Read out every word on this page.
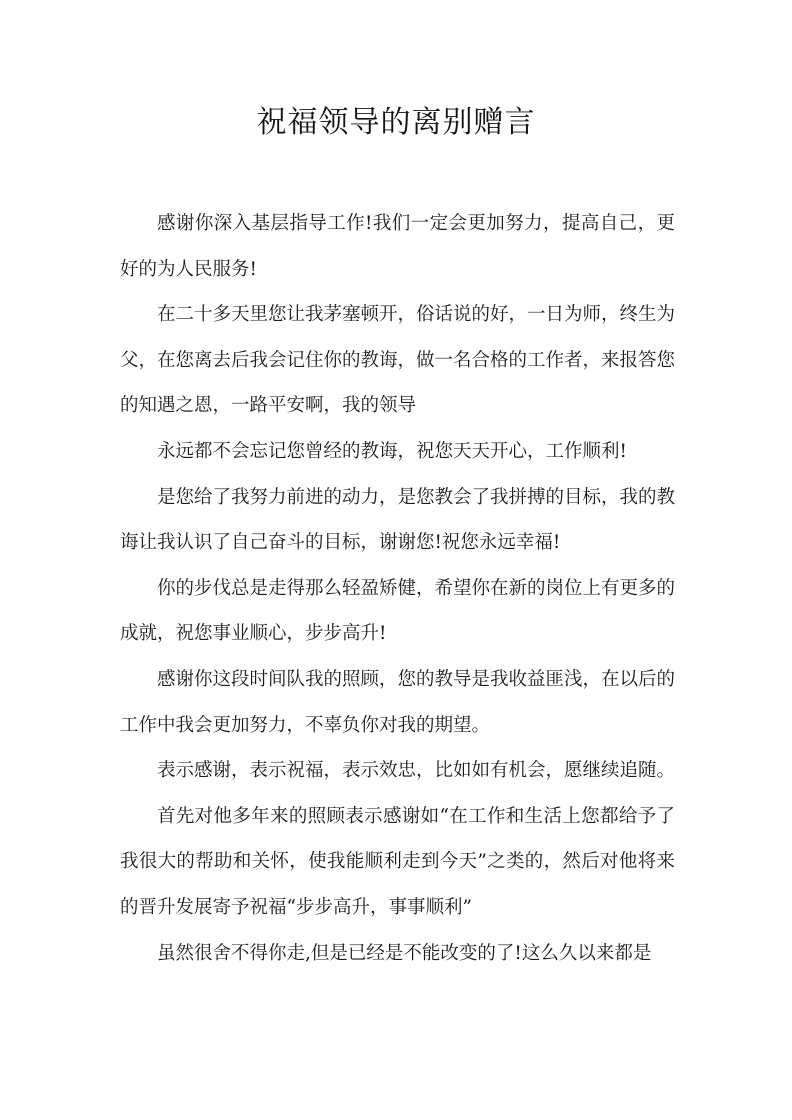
祝福领导的离别赠言

感谢你深入基层指导工作!我们一定会更加努力，提高自己，更好的为人民服务!

在二十多天里您让我茅塞顿开，俗话说的好，一日为师，终生为父，在您离去后我会记住你的教诲，做一名合格的工作者，来报答您的知遇之恩，一路平安啊，我的领导

永远都不会忘记您曾经的教诲，祝您天天开心，工作顺利!

是您给了我努力前进的动力，是您教会了我拼搏的目标，我的教诲让我认识了自己奋斗的目标，谢谢您!祝您永远幸福!

你的步伐总是走得那么轻盈矫健，希望你在新的岗位上有更多的成就，祝您事业顺心，步步高升!

感谢你这段时间队我的照顾，您的教导是我收益匪浅，在以后的工作中我会更加努力，不辜负你对我的期望。

表示感谢，表示祝福，表示效忠，比如如有机会，愿继续追随。

首先对他多年来的照顾表示感谢如“在工作和生活上您都给予了我很大的帮助和关怀，使我能顺利走到今天”之类的，然后对他将来的晋升发展寄予祝福“步步高升，事事顺利”

虽然很舍不得你走,但是已经是不能改变的了!这么久以来都是
